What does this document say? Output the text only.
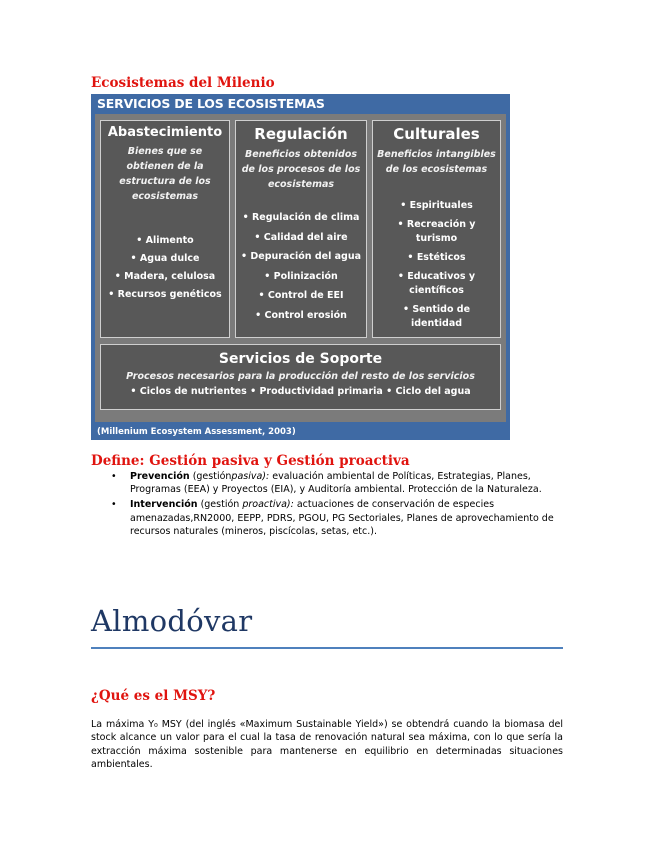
Ecosistemas del Milenio
SERVICIOS DE LOS ECOSISTEMAS
Abastecimiento
Bienes que se obtienen de la estructura de los ecosistemas
• Alimento
• Agua dulce
• Madera, celulosa
• Recursos genéticos
Regulación
Beneficios obtenidos de los procesos de los ecosistemas
• Regulación de clima
• Calidad del aire
• Depuración del agua
• Polinización
• Control de EEI
• Control erosión
Culturales
Beneficios intangibles de los ecosistemas
• Espirituales
• Recreación y turismo
• Estéticos
• Educativos y científicos
• Sentido de identidad
Servicios de Soporte
Procesos necesarios para la producción del resto de los servicios
• Ciclos de nutrientes • Productividad primaria • Ciclo del agua
(Millenium Ecosystem Assessment, 2003)
Define: Gestión pasiva y Gestión proactiva
• Prevención (gestiónpasiva): evaluación ambiental de Políticas, Estrategias, Planes, Programas (EEA) y Proyectos (EIA), y Auditoría ambiental. Protección de la Naturaleza.
• Intervención (gestión proactiva): actuaciones de conservación de especies amenazadas,RN2000, EEPP, PDRS, PGOU, PG Sectoriales, Planes de aprovechamiento de recursos naturales (mineros, piscícolas, setas, etc.).
Almodóvar
¿Qué es el MSY?

La máxima Y₀ MSY (del inglés «Maximum Sustainable Yield») se obtendrá cuando la biomasa del stock alcance un valor para el cual la tasa de renovación natural sea máxima, con lo que sería la extracción máxima sostenible para mantenerse en equilibrio en determinadas situaciones ambientales.
